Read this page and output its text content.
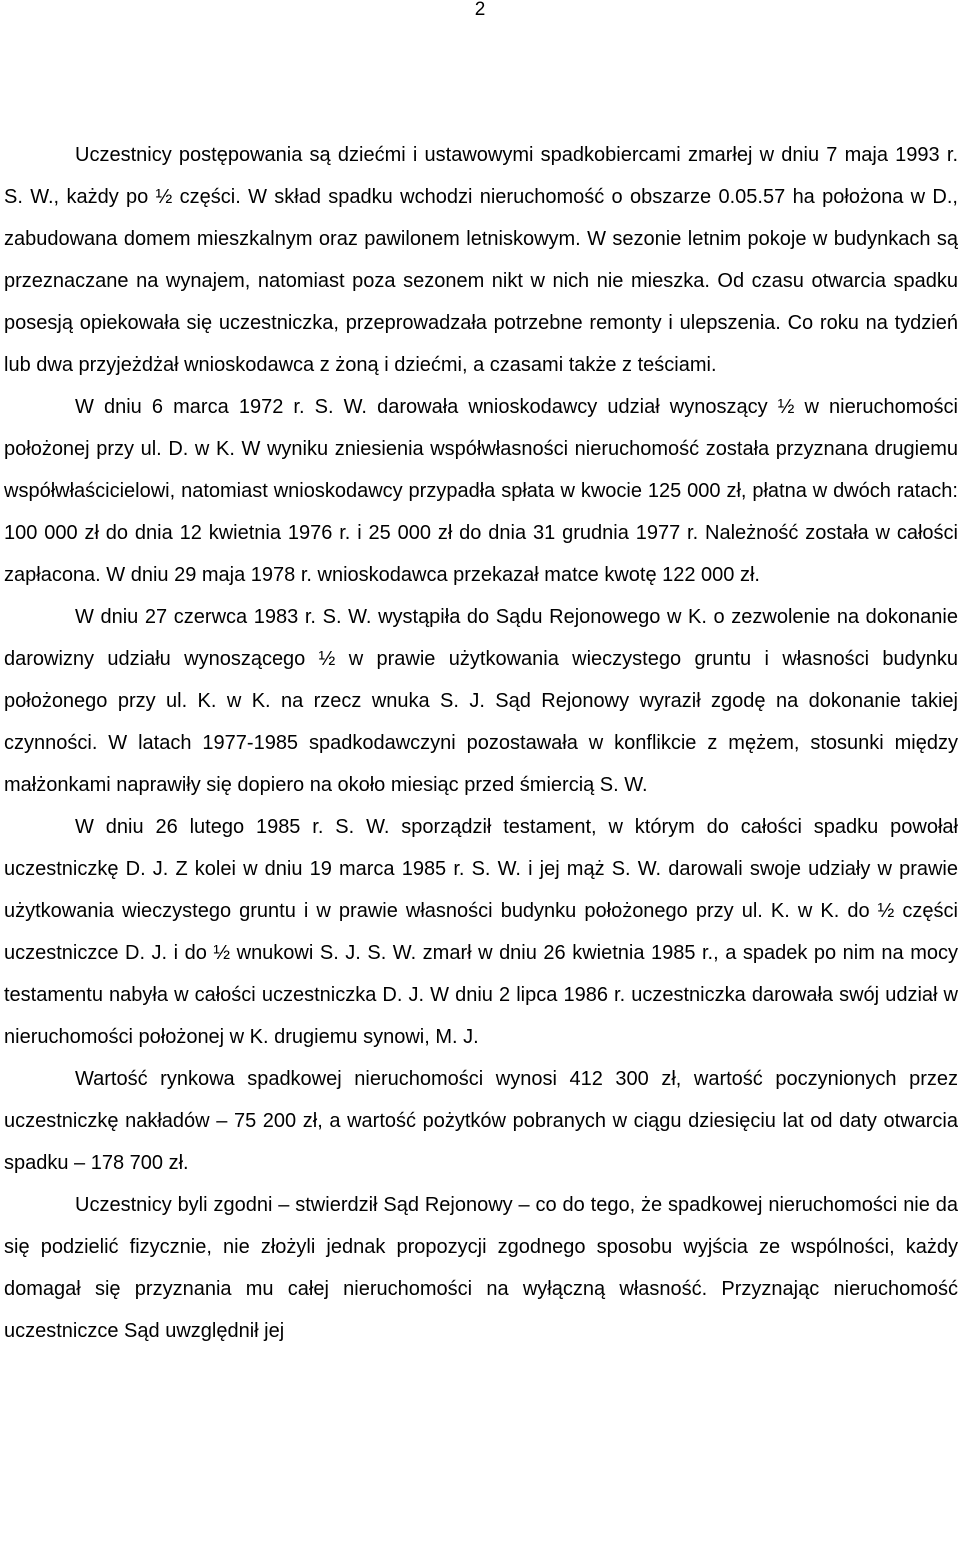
2

Uczestnicy postępowania są dziećmi i ustawowymi spadkobiercami zmarłej w dniu 7 maja 1993 r. S. W., każdy po ½ części. W skład spadku wchodzi nieruchomość o obszarze 0.05.57 ha położona w D., zabudowana domem mieszkalnym oraz pawilonem letniskowym. W sezonie letnim pokoje w budynkach są przeznaczane na wynajem, natomiast poza sezonem nikt w nich nie mieszka. Od czasu otwarcia spadku posesją opiekowała się uczestniczka, przeprowadzała potrzebne remonty i ulepszenia. Co roku na tydzień lub dwa przyjeżdżał wnioskodawca z żoną i dziećmi, a czasami także z teściami.

W dniu 6 marca 1972 r. S. W. darowała wnioskodawcy udział wynoszący ½ w nieruchomości położonej przy ul. D. w K. W wyniku zniesienia współwłasności nieruchomość została przyznana drugiemu współwłaścicielowi, natomiast wnioskodawcy przypadła spłata w kwocie 125 000 zł, płatna w dwóch ratach: 100 000 zł do dnia 12 kwietnia 1976 r. i 25 000 zł do dnia 31 grudnia 1977 r. Należność została w całości zapłacona. W dniu 29 maja 1978 r. wnioskodawca przekazał matce kwotę 122 000 zł.

W dniu 27 czerwca 1983 r. S. W. wystąpiła do Sądu Rejonowego w K. o zezwolenie na dokonanie darowizny udziału wynoszącego ½ w prawie użytkowania wieczystego gruntu i własności budynku położonego przy ul. K. w K. na rzecz wnuka S. J. Sąd Rejonowy wyraził zgodę na dokonanie takiej czynności. W latach 1977-1985 spadkodawczyni pozostawała w konflikcie z mężem, stosunki między małżonkami naprawiły się dopiero na około miesiąc przed śmiercią S. W.

W dniu 26 lutego 1985 r. S. W. sporządził testament, w którym do całości spadku powołał uczestniczkę D. J. Z kolei w dniu 19 marca 1985 r. S. W. i jej mąż S. W. darowali swoje udziały w prawie użytkowania wieczystego gruntu i w prawie własności budynku położonego przy ul. K. w K. do ½ części uczestniczce D. J. i do ½ wnukowi S. J. S. W. zmarł w dniu 26 kwietnia 1985 r., a spadek po nim na mocy testamentu nabyła w całości uczestniczka D. J. W dniu 2 lipca 1986 r. uczestniczka darowała swój udział w nieruchomości położonej w K. drugiemu synowi, M. J.

Wartość rynkowa spadkowej nieruchomości wynosi 412 300 zł, wartość poczynionych przez uczestniczkę nakładów – 75 200 zł, a wartość pożytków pobranych w ciągu dziesięciu lat od daty otwarcia spadku – 178 700 zł.

Uczestnicy byli zgodni – stwierdził Sąd Rejonowy – co do tego, że spadkowej nieruchomości nie da się podzielić fizycznie, nie złożyli jednak propozycji zgodnego sposobu wyjścia ze wspólności, każdy domagał się przyznania mu całej nieruchomości na wyłączną własność. Przyznając nieruchomość uczestniczce Sąd uwzględnił jej
